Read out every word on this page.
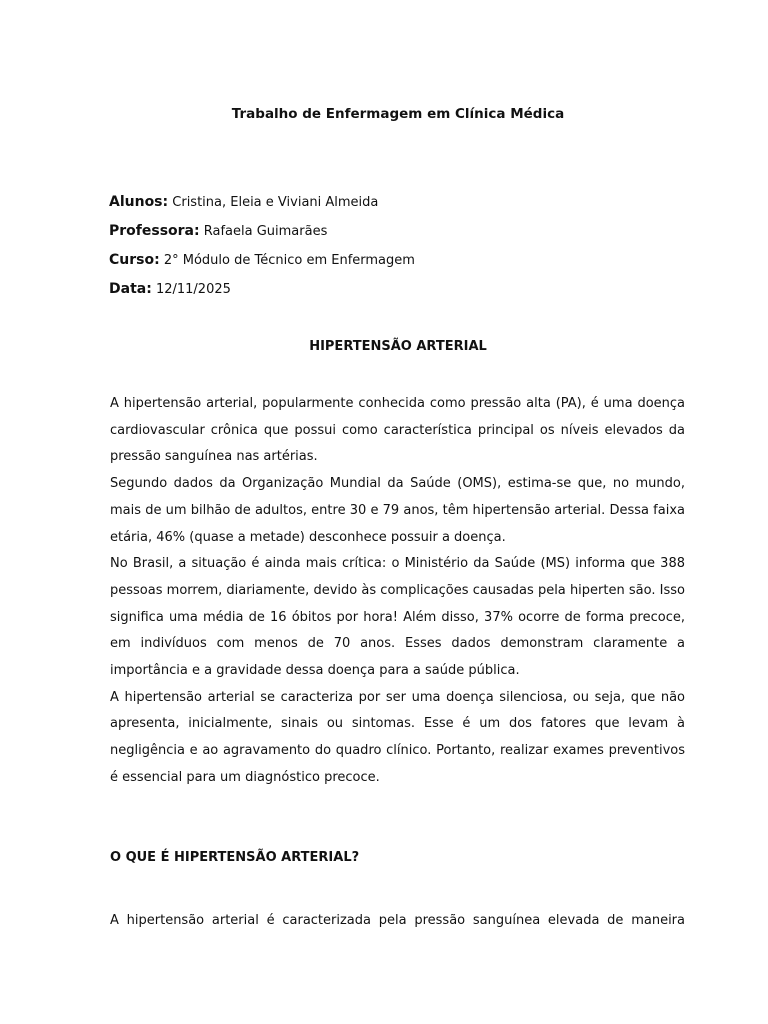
Trabalho de Enfermagem em Clínica Médica
Alunos: Cristina, Eleia e Viviani Almeida
Professora: Rafaela Guimarães
Curso: 2° Módulo de Técnico em Enfermagem
Data: 12/11/2025
HIPERTENSÃO ARTERIAL

A hipertensão arterial, popularmente conhecida como pressão alta (PA), é uma doença cardiovascular crônica que possui como característica principal os níveis elevados da pressão sanguínea nas artérias.

Segundo dados da Organização Mundial da Saúde (OMS), estima-se que, no mundo, mais de um bilhão de adultos, entre 30 e 79 anos, têm hipertensão arterial. Dessa faixa etária, 46% (quase a metade) desconhece possuir a doença.

No Brasil, a situação é ainda mais crítica: o Ministério da Saúde (MS) informa que 388 pessoas morrem, diariamente, devido às complicações causadas pela hiperten são. Isso significa uma média de 16 óbitos por hora! Além disso, 37% ocorre de forma precoce, em indivíduos com menos de 70 anos. Esses dados demonstram claramente a importância e a gravidade dessa doença para a saúde pública.

A hipertensão arterial se caracteriza por ser uma doença silenciosa, ou seja, que não apresenta, inicialmente, sinais ou sintomas. Esse é um dos fatores que levam à negligência e ao agravamento do quadro clínico. Portanto, realizar exames preventivos é essencial para um diagnóstico precoce.

O QUE É HIPERTENSÃO ARTERIAL?

A hipertensão arterial é caracterizada pela pressão sanguínea elevada de maneira
